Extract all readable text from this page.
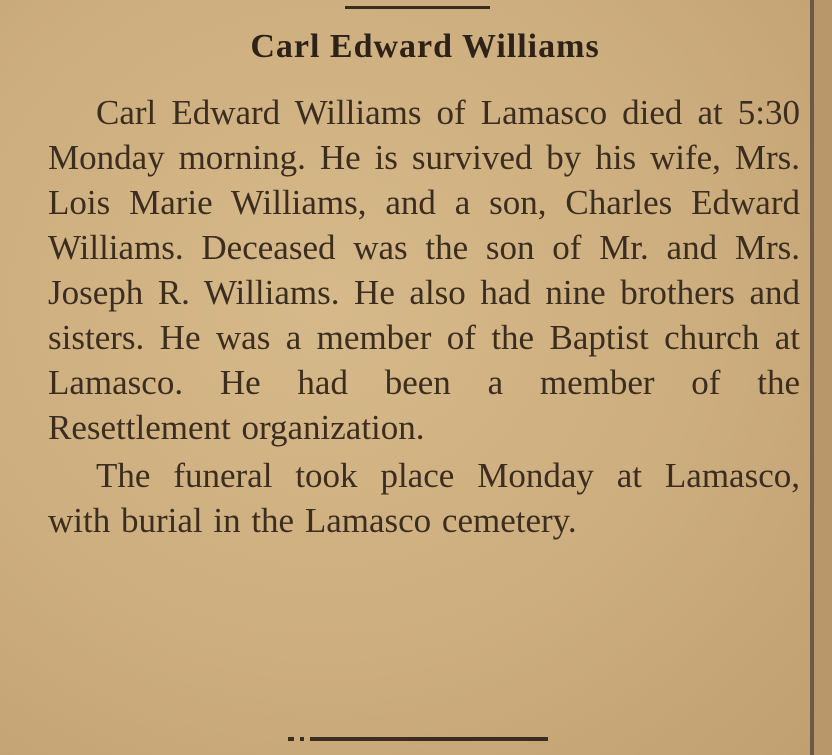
Carl Edward Williams

Carl Edward Williams of Lamasco died at 5:30 Monday morning. He is survived by his wife, Mrs. Lois Marie Williams, and a son, Charles Edward Williams. Deceased was the son of Mr. and Mrs. Joseph R. Williams. He also had nine brothers and sisters. He was a member of the Baptist church at Lamasco. He had been a member of the Resettlement organization.

The funeral took place Monday at Lamasco, with burial in the Lamasco cemetery.
